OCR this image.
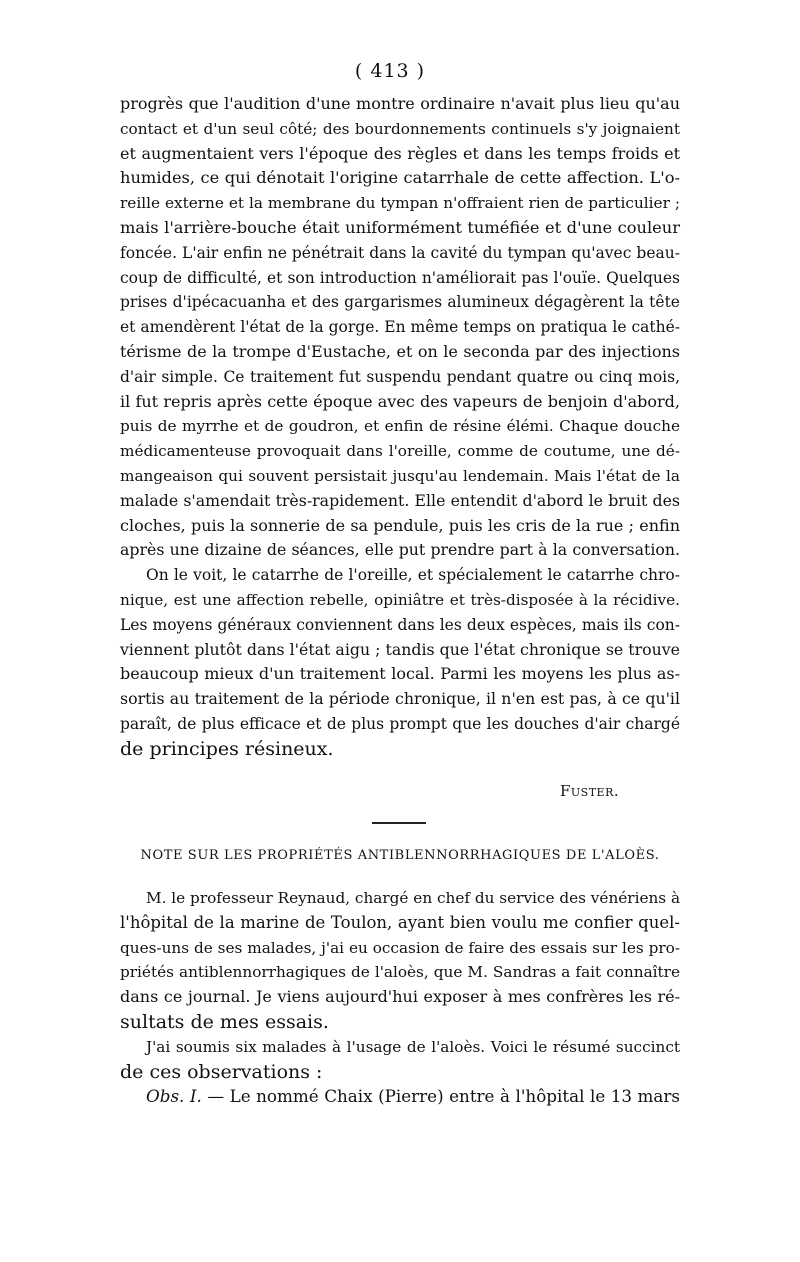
( 413 )
progrès que l'audition d'une montre ordinaire n'avait plus lieu qu'au
contact et d'un seul côté; des bourdonnements continuels s'y joignaient
et augmentaient vers l'époque des règles et dans les temps froids et
humides, ce qui dénotait l'origine catarrhale de cette affection. L'o-
reille externe et la membrane du tympan n'offraient rien de particulier ;
mais l'arrière-bouche était uniformément tuméfiée et d'une couleur
foncée. L'air enfin ne pénétrait dans la cavité du tympan qu'avec beau-
coup de difficulté, et son introduction n'améliorait pas l'ouïe. Quelques
prises d'ipécacuanha et des gargarismes alumineux dégagèrent la tête
et amendèrent l'état de la gorge. En même temps on pratiqua le cathé-
térisme de la trompe d'Eustache, et on le seconda par des injections
d'air simple. Ce traitement fut suspendu pendant quatre ou cinq mois,
il fut repris après cette époque avec des vapeurs de benjoin d'abord,
puis de myrrhe et de goudron, et enfin de résine élémi. Chaque douche
médicamenteuse provoquait dans l'oreille, comme de coutume, une dé-
mangeaison qui souvent persistait jusqu'au lendemain. Mais l'état de la
malade s'amendait très-rapidement. Elle entendit d'abord le bruit des
cloches, puis la sonnerie de sa pendule, puis les cris de la rue ; enfin
après une dizaine de séances, elle put prendre part à la conversation.
On le voit, le catarrhe de l'oreille, et spécialement le catarrhe chro-
nique, est une affection rebelle, opiniâtre et très-disposée à la récidive.
Les moyens généraux conviennent dans les deux espèces, mais ils con-
viennent plutôt dans l'état aigu ; tandis que l'état chronique se trouve
beaucoup mieux d'un traitement local. Parmi les moyens les plus as-
sortis au traitement de la période chronique, il n'en est pas, à ce qu'il
paraît, de plus efficace et de plus prompt que les douches d'air chargé
de principes résineux.
Fuster.
NOTE SUR LES PROPRIÉTÉS ANTIBLENNORRHAGIQUES DE L'ALOÈS.
M. le professeur Reynaud, chargé en chef du service des vénériens à
l'hôpital de la marine de Toulon, ayant bien voulu me confier quel-
ques-uns de ses malades, j'ai eu occasion de faire des essais sur les pro-
priétés antiblennorrhagiques de l'aloès, que M. Sandras a fait connaître
dans ce journal. Je viens aujourd'hui exposer à mes confrères les ré-
sultats de mes essais.
J'ai soumis six malades à l'usage de l'aloès. Voici le résumé succinct
de ces observations :
Obs. I. — Le nommé Chaix (Pierre) entre à l'hôpital le 13 mars
